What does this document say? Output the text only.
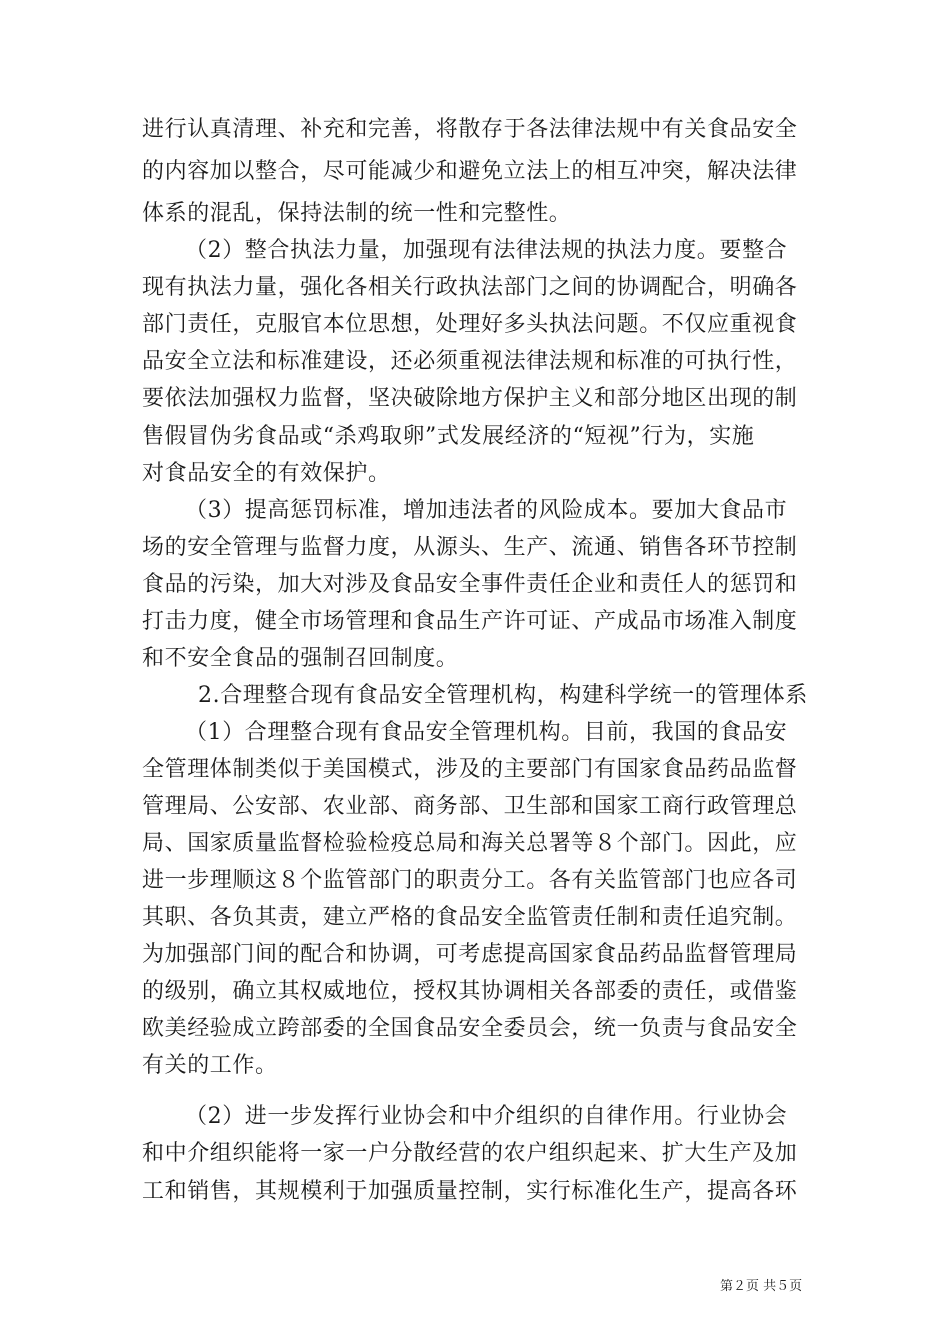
进行认真清理、补充和完善，将散存于各法律法规中有关食品安全
的内容加以整合，尽可能减少和避免立法上的相互冲突，解决法律
体系的混乱，保持法制的统一性和完整性。
（2）整合执法力量，加强现有法律法规的执法力度。要整合
现有执法力量，强化各相关行政执法部门之间的协调配合，明确各
部门责任，克服官本位思想，处理好多头执法问题。不仅应重视食
品安全立法和标准建设，还必须重视法律法规和标准的可执行性，
要依法加强权力监督，坚决破除地方保护主义和部分地区出现的制
售假冒伪劣食品或“杀鸡取卵”式发展经济的“短视”行为，实施
对食品安全的有效保护。
（3）提高惩罚标准，增加违法者的风险成本。要加大食品市
场的安全管理与监督力度，从源头、生产、流通、销售各环节控制
食品的污染，加大对涉及食品安全事件责任企业和责任人的惩罚和
打击力度，健全市场管理和食品生产许可证、产成品市场准入制度
和不安全食品的强制召回制度。
2.合理整合现有食品安全管理机构，构建科学统一的管理体系
（1）合理整合现有食品安全管理机构。目前，我国的食品安
全管理体制类似于美国模式，涉及的主要部门有国家食品药品监督
管理局、公安部、农业部、商务部、卫生部和国家工商行政管理总
局、国家质量监督检验检疫总局和海关总署等８个部门。因此，应
进一步理顺这８个监管部门的职责分工。各有关监管部门也应各司
其职、各负其责，建立严格的食品安全监管责任制和责任追究制。
为加强部门间的配合和协调，可考虑提高国家食品药品监督管理局
的级别，确立其权威地位，授权其协调相关各部委的责任，或借鉴
欧美经验成立跨部委的全国食品安全委员会，统一负责与食品安全
有关的工作。
（2）进一步发挥行业协会和中介组织的自律作用。行业协会
和中介组织能将一家一户分散经营的农户组织起来、扩大生产及加
工和销售，其规模利于加强质量控制，实行标准化生产，提高各环
第２页 共５页
